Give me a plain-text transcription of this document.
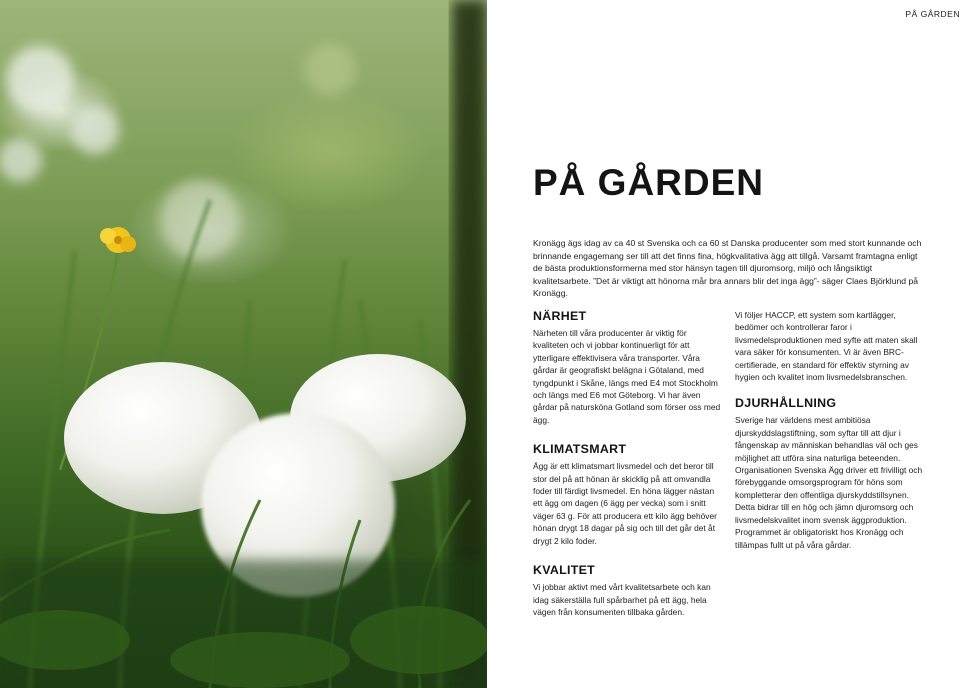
PÅ GÅRDEN
PÅ GÅRDEN

Kronägg ägs idag av ca 40 st Svenska och ca 60 st Danska producenter som med stort kunnande och brinnande engagemang ser till att det finns fina, högkvalitativa ägg att tillgå. Varsamt framtagna enligt de bästa produktionsformerna med stor hänsyn tagen till djuromsorg, miljö och långsiktigt kvalitetsarbete. ”Det är viktigt att hönorna mår bra annars blir det inga ägg”- säger Claes Björklund på Kronägg.

NÄRHET

Närheten till våra producenter är viktig för kvaliteten och vi jobbar kontinuerligt för att ytterligare effektivisera våra transporter. Våra gårdar är geografiskt belägna i Götaland, med tyngdpunkt i Skåne, längs med E4 mot Stockholm och längs med E6 mot Göteborg. Vi har även gårdar på natursköna Gotland som förser oss med ägg.

KLIMATSMART

Ägg är ett klimatsmart livsmedel och det beror till stor del på att hönan är skicklig på att omvandla foder till färdigt livsmedel. En höna lägger nästan ett ägg om dagen (6 ägg per vecka) som i snitt väger 63 g. För att producera ett kilo ägg behöver hönan drygt 18 dagar på sig och till det går det åt drygt 2 kilo foder.

KVALITET

Vi jobbar aktivt med vårt kvalitetsarbete och kan idag säkerställa full spårbarhet på ett ägg, hela vägen från konsumenten tillbaka gården.

Vi följer HACCP, ett system som kartlägger, bedömer och kontrollerar faror i livsmedelsproduktionen med syfte att maten skall vara säker för konsumenten. Vi är även BRC-certifierade, en standard för effektiv styrning av hygien och kvalitet inom livsmedelsbranschen.

DJURHÅLLNING

Sverige har världens mest ambitiösa djurskyddslagstiftning, som syftar till att djur i fångenskap av människan behandlas väl och ges möjlighet att utföra sina naturliga beteenden. Organisationen Svenska Ägg driver ett frivilligt och förebyggande omsorgsprogram för höns som kompletterar den offentliga djurskyddstillsynen. Detta bidrar till en hög och jämn djuromsorg och livsmedelskvalitet inom svensk äggproduktion. Programmet är obligatoriskt hos Kronägg och tillämpas fullt ut på våra gårdar.
